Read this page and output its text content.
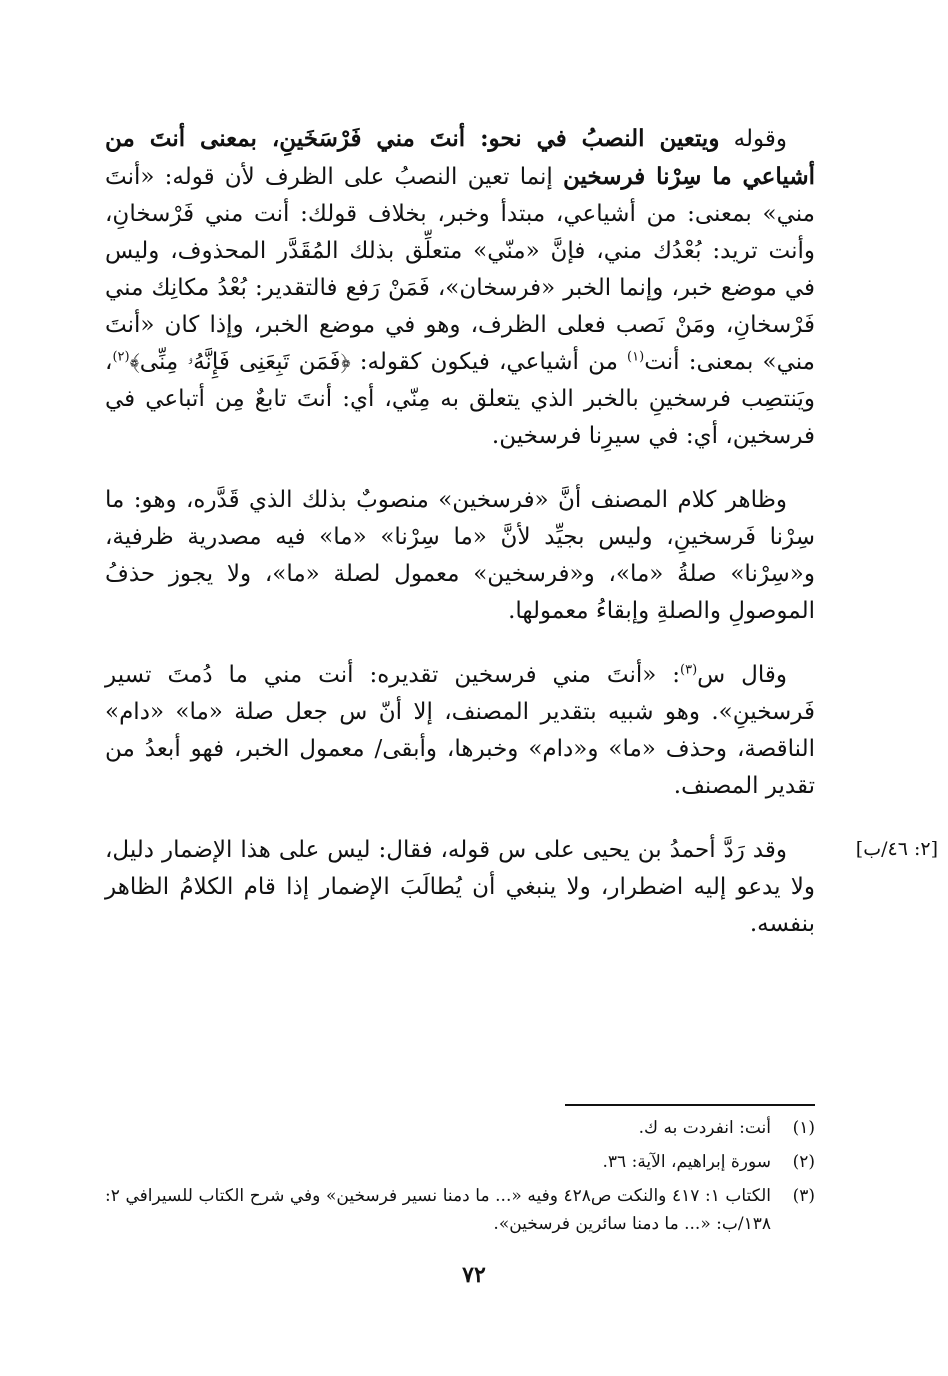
وقوله ويتعين النصبُ في نحو: أنتَ مني فَرْسَخَينِ، بمعنى أنتَ من أشياعي ما سِرْنا فرسخين إنما تعين النصبُ على الظرف لأن قوله: «أنتَ مني» بمعنى: من أشياعي، مبتدأ وخبر، بخلاف قولك: أنت مني فَرْسخانِ، وأنت تريد: بُعْدُك مني، فإنَّ «منّي» متعلِّق بذلك المُقَدَّر المحذوف، وليس في موضع خبر، وإنما الخبر «فرسخان»، فَمَنْ رَفع فالتقدير: بُعْدُ مكانِك مني فَرْسخانِ، ومَنْ نَصب فعلى الظرف، وهو في موضع الخبر، وإذا كان «أنتَ مني» بمعنى: أنت$^{(١)}$ من أشياعي، فيكون كقوله: ﴿فَمَن تَبِعَنِى فَإِنَّهُۥ مِنِّى﴾$^{(٢)}$، ويَنتصِب فرسخينِ بالخبر الذي يتعلق به مِنّي، أي: أنتَ تابعٌ مِن أتباعي في فرسخين، أي: في سيرِنا فرسخين.

وظاهر كلام المصنف أنَّ «فرسخين» منصوبٌ بذلك الذي قَدَّره، وهو: ما سِرْنا فَرسخينِ، وليس بجيِّد لأنَّ «ما سِرْنا» «ما» فيه مصدرية ظرفية، و«سِرْنا» صلةُ «ما»، و«فرسخين» معمول لصلة «ما»، ولا يجوز حذفُ الموصولِ والصلةِ وإبقاءُ معمولها.

وقال س$^{(٣)}$: «أنتَ مني فرسخين تقديره: أنت مني ما دُمتَ تسير فَرسخينِ». وهو شبيه بتقدير المصنف، إلا أنّ س جعل صلة «ما» «دام» الناقصة، وحذف «ما» و«دام» وخبرها، وأبقى/ معمول الخبر، فهو أبعدُ من تقدير المصنف.

وقد رَدَّ أحمدُ بن يحيى على س قوله، فقال: ليس على هذا الإضمار دليل، ولا يدعو إليه اضطرار، ولا ينبغي أن يُطالَبَ الإضمار إذا قام الكلامُ الظاهر بنفسه.

[٢: ٤٦/ب]
(١)
أنت: انفردت به ك.
(٢)
سورة إبراهيم، الآية: ٣٦.
(٣)
الكتاب ١: ٤١٧ والنكت ص٤٢٨ وفيه «... ما دمنا نسير فرسخين» وفي شرح الكتاب للسيرافي ٢: ١٣٨/ب: «... ما دمنا سائرين فرسخين».
٧٢
